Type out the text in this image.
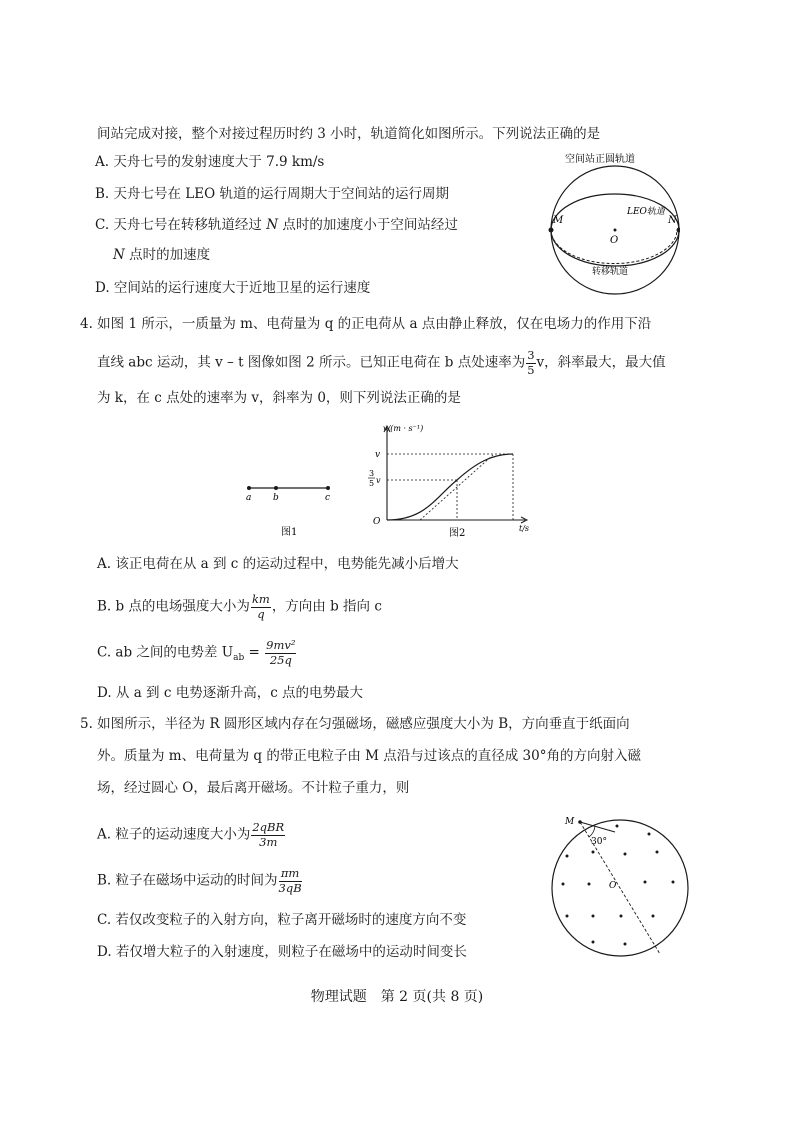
间站完成对接，整个对接过程历时约 3 小时，轨道简化如图所示。下列说法正确的是
A. 天舟七号的发射速度大于 7.9 km/s
B. 天舟七号在 LEO 轨道的运行周期大于空间站的运行周期
C. 天舟七号在转移轨道经过 N 点时的加速度小于空间站经过
N 点时的加速度
D. 空间站的运行速度大于近地卫星的运行速度
空间站正圆轨道
M	N
O
LEO轨道
转移轨道
4. 如图 1 所示，一质量为 m、电荷量为 q 的正电荷从 a 点由静止释放，仅在电场力的作用下沿
直线 abc 运动，其 v – t 图像如图 2 所示。已知正电荷在 b 点处速率为 $\frac{3}{5}$ v，斜率最大，最大值
为 k，在 c 点处的速率为 v，斜率为 0，则下列说法正确的是
a b	c
图1
v/(m · s⁻¹)
v
3
5 v
O
t/s
图2
A. 该正电荷在从 a 到 c 的运动过程中，电势能先减小后增大
B. b 点的电场强度大小为 $\frac{km}{q}$ ，方向由 b 指向 c
C. ab 之间的电势差 $U_{ab} = \frac{\text{9mv²}}{25q}$
D. 从 a 到 c 电势逐渐升高，c 点的电势最大
5. 如图所示，半径为 R 圆形区域内存在匀强磁场，磁感应强度大小为 B，方向垂直于纸面向
外。质量为 m、电荷量为 q 的带正电粒子由 M 点沿与过该点的直径成 30°角的方向射入磁
场，经过圆心 O，最后离开磁场。不计粒子重力，则
A. 粒子的运动速度大小为 $\frac{\text{2qBR}}{3m}$
B. 粒子在磁场中运动的时间为 $\frac{\pi m}{3qB}$
C. 若仅改变粒子的入射方向，粒子离开磁场时的速度方向不变
D. 若仅增大粒子的入射速度，则粒子在磁场中的运动时间变长
M
30°
O
物理试题　第 2 页(共 8 页)
